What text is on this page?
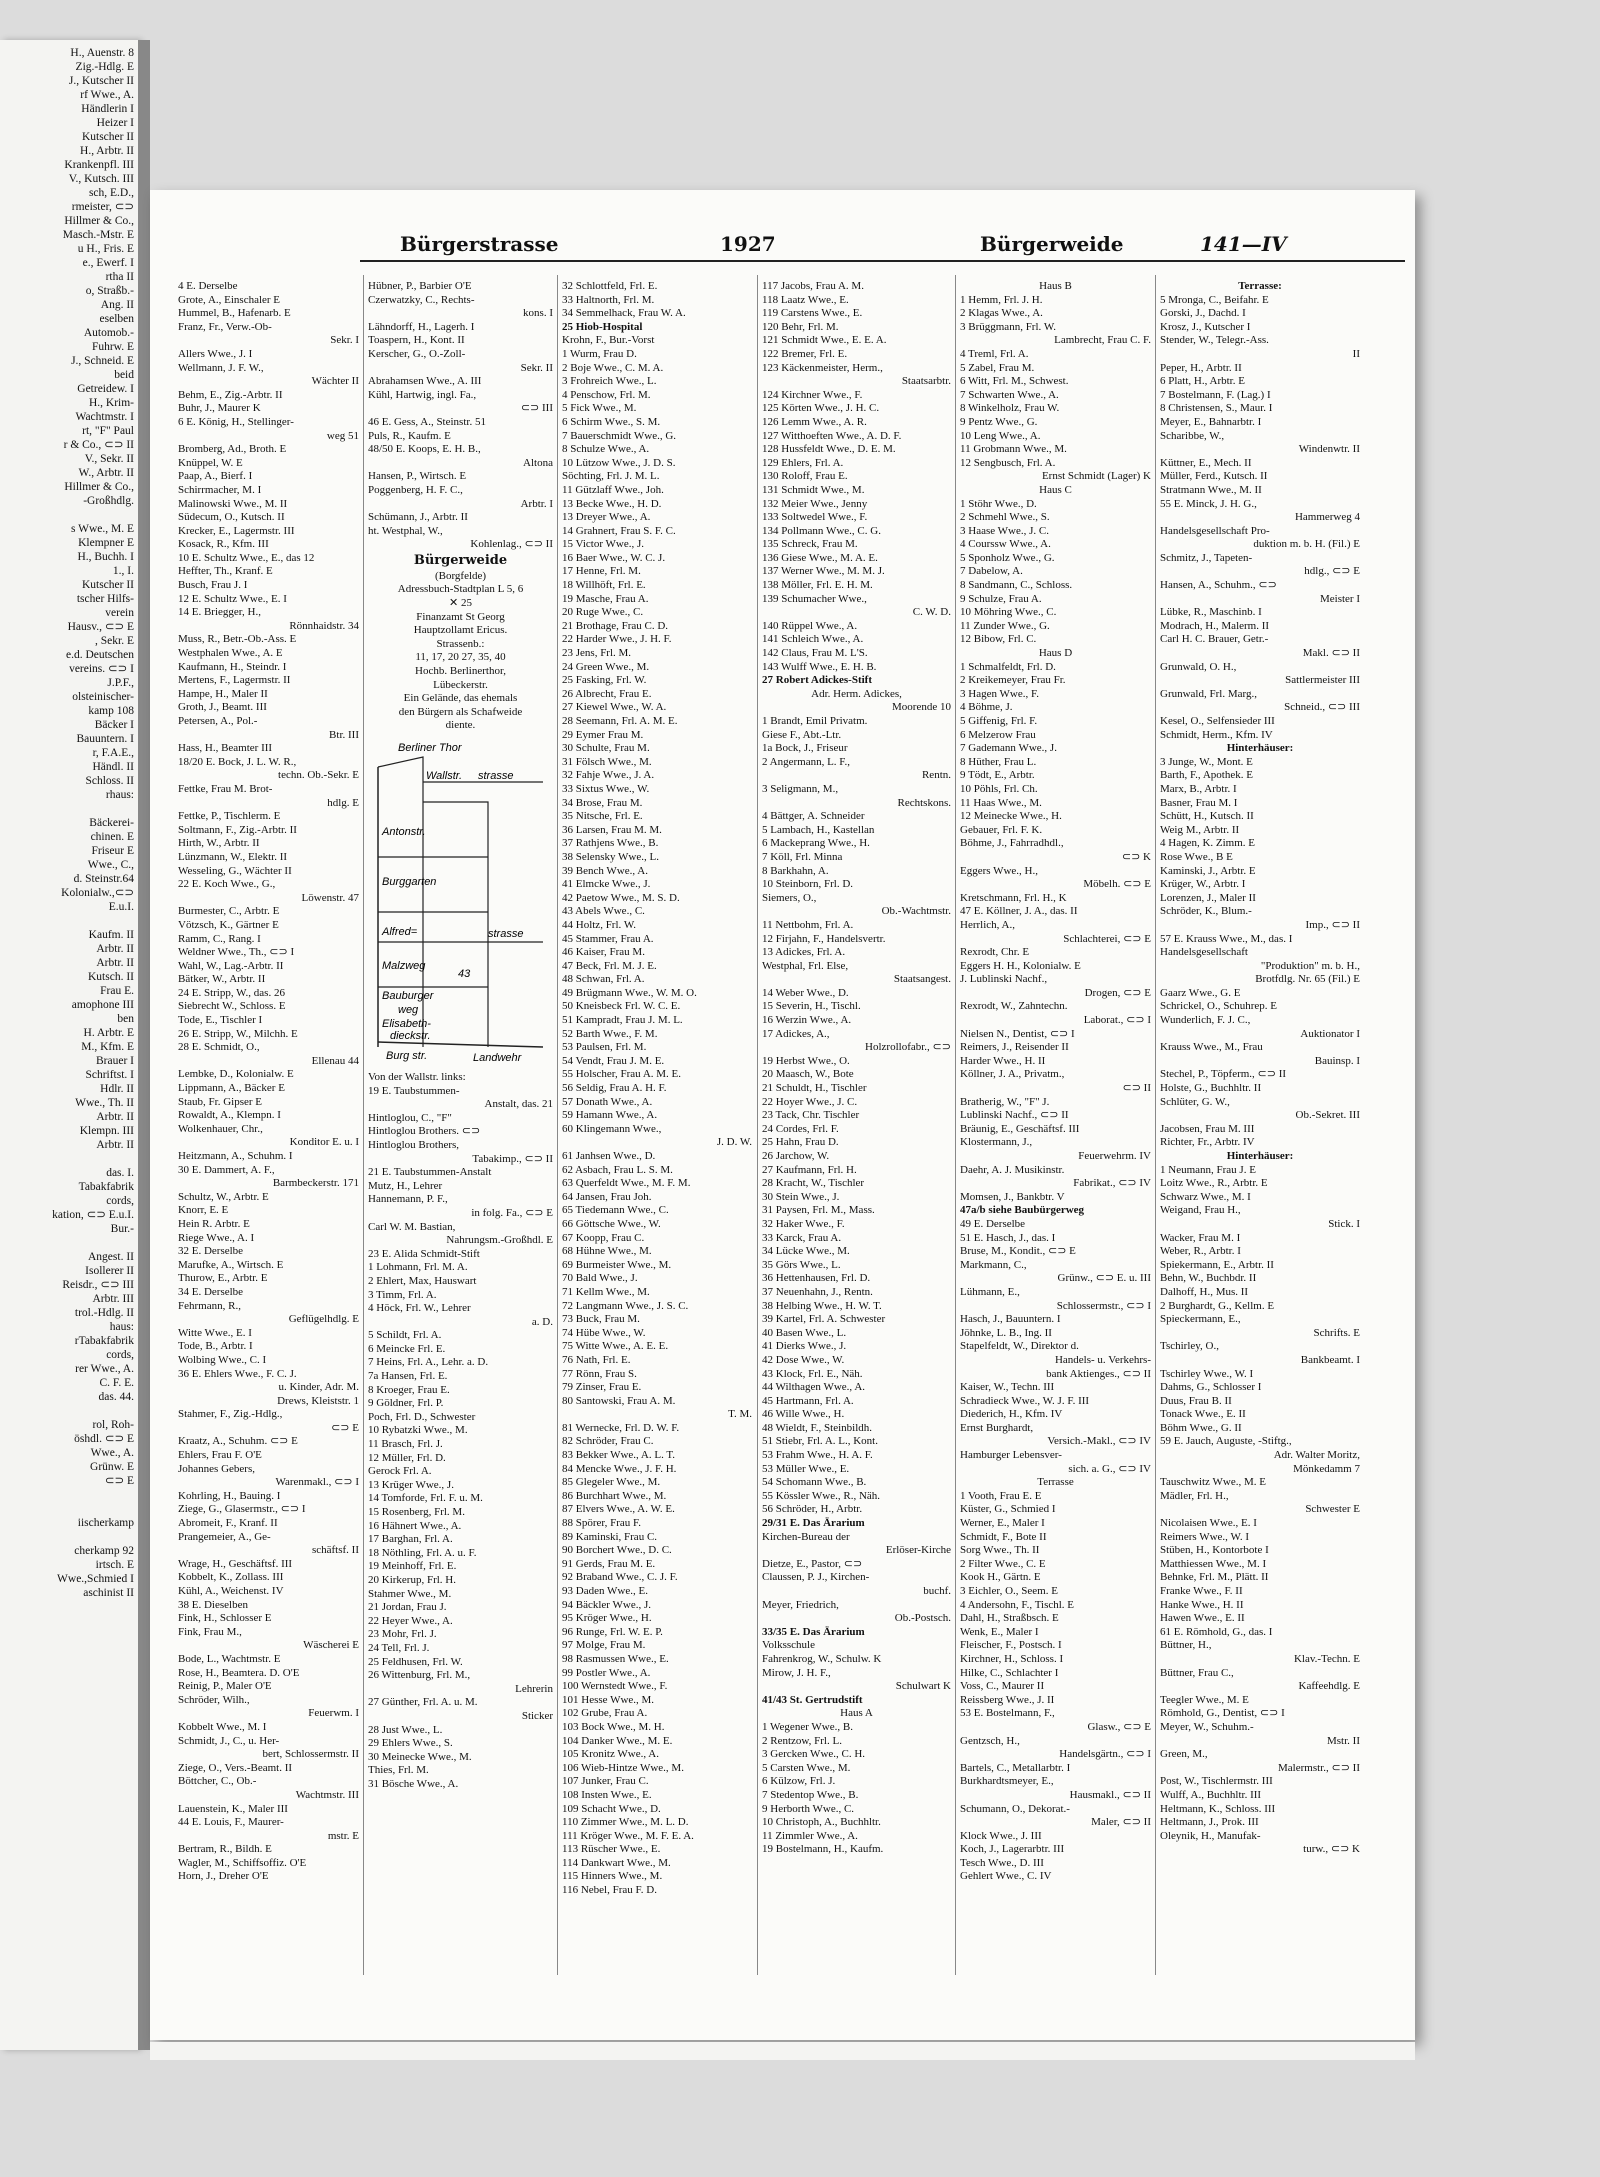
H., Auenstr. 8
Zig.-Hdlg. E
J., Kutscher II
rf Wwe., A.
Händlerin I
Heizer I
Kutscher II
H., Arbtr. II
Krankenpfl. III
V., Kutsch. III
sch, E.D.,
rmeister, ⊂⊃
Hillmer & Co.,
Masch.-Mstr. E
u H., Fris. E
e., Ewerf. I
rtha II
o, Straßb.-
Ang. II
eselben
Automob.-
Fuhrw. E
J., Schneid. E
beid
Getreidew. I
H., Krim-
Wachtmstr. I
rt, "F" Paul
r & Co., ⊂⊃ II
V., Sekr. II
W., Arbtr. II
Hillmer & Co.,
-Großhdlg.
s Wwe., M. E
Klempner E
H., Buchh. I
1., I.
Kutscher II
tscher Hilfs-
verein
Hausv., ⊂⊃ E
, Sekr. E
e.d. Deutschen
vereins. ⊂⊃ I
J.P.F.,
olsteinischer-
kamp 108
Bäcker I
Bauuntern. I
r, F.A.E.,
Händl. II
Schloss. II
rhaus:
Bäckerei-
chinen. E
Friseur E
Wwe., C.,
d. Steinstr.64
Kolonialw.,⊂⊃
E.u.I.
Kaufm. II
Arbtr. II
Arbtr. II
Kutsch. II
Frau E.
amophone III
ben
H. Arbtr. E
M., Kfm. E
Brauer I
Schriftst. I
Hdlr. II
Wwe., Th. II
Arbtr. II
Klempn. III
Arbtr. II
das. I.
Tabakfabrik
cords,
kation, ⊂⊃ E.u.I.
Bur.-
Angest. II
Isollerer II
Reisdr., ⊂⊃ III
Arbtr. III
trol.-Hdlg. II
haus:
rTabakfabrik
cords,
rer Wwe., A.
C. F. E.
das. 44.
rol, Roh-
öshdl. ⊂⊃ E
Wwe., A.
Grünw. E
⊂⊃ E
iischerkamp
cherkamp 92
irtsch. E
Wwe.,Schmied I
aschinist II
Bürgerstrasse	1927	Bürgerweide	141—IV
4 E. Derselbe
Grote, A., Einschaler E
Hummel, B., Hafenarb. E
Franz, Fr., Verw.-Ob-
Sekr. I
Allers Wwe., J. I
Wellmann, J. F. W.,
Wächter II
Behm, E., Zig.-Arbtr. II
Buhr, J., Maurer K
6 E. König, H., Stellinger-
weg 51
Bromberg, Ad., Broth. E
Knüppel, W. E
Paap, A., Bierf. I
Schirrmacher, M. I
Malinowski Wwe., M. II
Südecum, O., Kutsch. II
Krecker, E., Lagermstr. III
Kosack, R., Kfm. III
10 E. Schultz Wwe., E., das 12
Heffter, Th., Kranf. E
Busch, Frau J. I
12 E. Schultz Wwe., E. I
14 E. Briegger, H.,
Rönnhaidstr. 34
Muss, R., Betr.-Ob.-Ass. E
Westphalen Wwe., A. E
Kaufmann, H., Steindr. I
Mertens, F., Lagermstr. II
Hampe, H., Maler II
Groth, J., Beamt. III
Petersen, A., Pol.-
Btr. III
Hass, H., Beamter III
18/20 E. Bock, J. L. W. R.,
techn. Ob.-Sekr. E
Fettke, Frau M. Brot-
hdlg. E
Fettke, P., Tischlerm. E
Soltmann, F., Zig.-Arbtr. II
Hirth, W., Arbtr. II
Lünzmann, W., Elektr. II
Wesseling, G., Wächter II
22 E. Koch Wwe., G.,
Löwenstr. 47
Burmester, C., Arbtr. E
Vötzsch, K., Gärtner E
Ramm, C., Rang. I
Weldner Wwe., Th., ⊂⊃ I
Wahl, W., Lag.-Arbtr. II
Bätker, W., Arbtr. II
24 E. Stripp, W., das. 26
Siebrecht W., Schloss. E
Tode, E., Tischler I
26 E. Stripp, W., Milchh. E
28 E. Schmidt, O.,
Ellenau 44
Lembke, D., Kolonialw. E
Lippmann, A., Bäcker E
Staub, Fr. Gipser E
Rowaldt, A., Klempn. I
Wolkenhauer, Chr.,
Konditor E. u. I
Heitzmann, A., Schuhm. I
30 E. Dammert, A. F.,
Barmbeckerstr. 171
Schultz, W., Arbtr. E
Knorr, E. E
Hein R. Arbtr. E
Riege Wwe., A. I
32 E. Derselbe
Marufke, A., Wirtsch. E
Thurow, E., Arbtr. E
34 E. Derselbe
Fehrmann, R.,
Geflügelhdlg. E
Witte Wwe., E. I
Tode, B., Arbtr. I
Wolbing Wwe., C. I
36 E. Ehlers Wwe., F. C. J.
u. Kinder, Adr. M.
Drews, Kleiststr. 1
Stahmer, F., Zig.-Hdlg.,
⊂⊃ E
Kraatz, A., Schuhm. ⊂⊃ E
Ehlers, Frau F. O'E
Johannes Gebers,
Warenmakl., ⊂⊃ I
Kohrling, H., Bauing. I
Ziege, G., Glasermstr., ⊂⊃ I
Abromeit, F., Kranf. II
Prangemeier, A., Ge-
schäftsf. II
Wrage, H., Geschäftsf. III
Kobbelt, K., Zollass. III
Kühl, A., Weichenst. IV
38 E. Dieselben
Fink, H., Schlosser E
Fink, Frau M.,
Wäscherei E
Bode, L., Wachtmstr. E
Rose, H., Beamtera. D. O'E
Reinig, P., Maler O'E
Schröder, Wilh.,
Feuerwm. I
Kobbelt Wwe., M. I
Schmidt, J., C., u. Her-
bert, Schlossermstr. II
Ziege, O., Vers.-Beamt. II
Böttcher, C., Ob.-
Wachtmstr. III
Lauenstein, K., Maler III
44 E. Louis, F., Maurer-
mstr. E
Bertram, R., Bildh. E
Wagler, M., Schiffsoffiz. O'E
Horn, J., Dreher O'E
Hübner, P., Barbier O'E
Czerwatzky, C., Rechts-
kons. I
Lähndorff, H., Lagerh. I
Toaspern, H., Kont. II
Kerscher, G., O.-Zoll-
Sekr. II
Abrahamsen Wwe., A. III
Kühl, Hartwig, ingl. Fa.,
⊂⊃ III
46 E. Gess, A., Steinstr. 51
Puls, R., Kaufm. E
48/50 E. Koops, E. H. B.,
Altona
Hansen, P., Wirtsch. E
Poggenberg, H. F. C.,
Arbtr. I
Schümann, J., Arbtr. II
ht. Westphal, W.,
Kohlenlag., ⊂⊃ II
Bürgerweide
(Borgfelde)
Adressbuch-Stadtplan L 5, 6
✕ 25
Finanzamt St Georg
Hauptzollamt Ericus.
Strassenb.:
11, 17, 20 27, 35, 40
Hochb. Berlinerthor,
Lübeckerstr.
Ein Gelände, das ehemals
den Bürgern als Schafweide
diente.
strasse
Antonstr.
Burggarten
Alfred=	strasse
Malzweg
Bauburger
weg
Elisabeth-
dieckstr.
Burg str.	Landwehr
Wallstr.
Berliner Thor
43
Von der Wallstr. links:
19 E. Taubstummen-
Anstalt, das. 21
Hintloglou, C., "F"
Hintloglou Brothers. ⊂⊃
Hintloglou Brothers,
Tabakimp., ⊂⊃ II
21 E. Taubstummen-Anstalt
Mutz, H., Lehrer
Hannemann, P. F.,
in folg. Fa., ⊂⊃ E
Carl W. M. Bastian,
Nahrungsm.-Großhdl. E
23 E. Alida Schmidt-Stift
1 Lohmann, Frl. M. A.
2 Ehlert, Max, Hauswart
3 Timm, Frl. A.
4 Höck, Frl. W., Lehrer
a. D.
5 Schildt, Frl. A.
6 Meincke Frl. E.
7 Heins, Frl. A., Lehr. a. D.
7a Hansen, Frl. E.
8 Kroeger, Frau E.
9 Göldner, Frl. P.
Poch, Frl. D., Schwester
10 Rybatzki Wwe., M.
11 Brasch, Frl. J.
12 Müller, Frl. D.
Gerock Frl. A.
13 Krüger Wwe., J.
14 Tomforde, Frl. F. u. M.
15 Rosenberg, Frl. M.
16 Hähnert Wwe., A.
17 Barghan, Frl. A.
18 Nöthling, Frl. A. u. F.
19 Meinhoff, Frl. E.
20 Kirkerup, Frl. H.
Stahmer Wwe., M.
21 Jordan, Frau J.
22 Heyer Wwe., A.
23 Mohr, Frl. J.
24 Tell, Frl. J.
25 Feldhusen, Frl. W.
26 Wittenburg, Frl. M.,
Lehrerin
27 Günther, Frl. A. u. M.
Sticker
28 Just Wwe., L.
29 Ehlers Wwe., S.
30 Meinecke Wwe., M.
Thies, Frl. M.
31 Bösche Wwe., A.
32 Schlottfeld, Frl. E.
33 Haltnorth, Frl. M.
34 Semmelhack, Frau W. A.
25 Hiob-Hospital
Krohn, F., Bur.-Vorst
1 Wurm, Frau D.
2 Boje Wwe., C. M. A.
3 Frohreich Wwe., L.
4 Penschow, Frl. M.
5 Fick Wwe., M.
6 Schirm Wwe., S. M.
7 Bauerschmidt Wwe., G.
8 Schulze Wwe., A.
10 Lützow Wwe., J. D. S.
Söchting, Frl. J. M. L.
11 Gützlaff Wwe., Joh.
13 Becke Wwe., H. D.
13 Dreyer Wwe., A.
14 Grahnert, Frau S. F. C.
15 Victor Wwe., J.
16 Baer Wwe., W. C. J.
17 Henne, Frl. M.
18 Willhöft, Frl. E.
19 Masche, Frau A.
20 Ruge Wwe., C.
21 Brothage, Frau C. D.
22 Harder Wwe., J. H. F.
23 Jens, Frl. M.
24 Green Wwe., M.
25 Fasking, Frl. W.
26 Albrecht, Frau E.
27 Kiewel Wwe., W. A.
28 Seemann, Frl. A. M. E.
29 Eymer Frau M.
30 Schulte, Frau M.
31 Fölsch Wwe., M.
32 Fahje Wwe., J. A.
33 Sixtus Wwe., W.
34 Brose, Frau M.
35 Nitsche, Frl. E.
36 Larsen, Frau M. M.
37 Rathjens Wwe., B.
38 Selensky Wwe., L.
39 Bench Wwe., A.
41 Elmcke Wwe., J.
42 Paetow Wwe., M. S. D.
43 Abels Wwe., C.
44 Holtz, Frl. W.
45 Stammer, Frau A.
46 Kaiser, Frau M.
47 Beck, Frl. M. J. E.
48 Schwan, Frl. A.
49 Brügmann Wwe., W. M. O.
50 Kneisbeck Frl. W. C. E.
51 Kampradt, Frau J. M. L.
52 Barth Wwe., F. M.
53 Paulsen, Frl. M.
54 Vendt, Frau J. M. E.
55 Holscher, Frau A. M. E.
56 Seldig, Frau A. H. F.
57 Donath Wwe., A.
59 Hamann Wwe., A.
60 Klingemann Wwe.,
J. D. W.
61 Janhsen Wwe., D.
62 Asbach, Frau L. S. M.
63 Querfeldt Wwe., M. F. M.
64 Jansen, Frau Joh.
65 Tiedemann Wwe., C.
66 Göttsche Wwe., W.
67 Koopp, Frau C.
68 Hühne Wwe., M.
69 Burmeister Wwe., M.
70 Bald Wwe., J.
71 Kellm Wwe., M.
72 Langmann Wwe., J. S. C.
73 Buck, Frau M.
74 Hübe Wwe., W.
75 Witte Wwe., A. E. E.
76 Nath, Frl. E.
77 Rönn, Frau S.
79 Zinser, Frau E.
80 Santowski, Frau A. M.
T. M.
81 Wernecke, Frl. D. W. F.
82 Schröder, Frau C.
83 Bekker Wwe., A. L. T.
84 Mencke Wwe., J. F. H.
85 Glegeler Wwe., M.
86 Burchhart Wwe., M.
87 Elvers Wwe., A. W. E.
88 Spörer, Frau F.
89 Kaminski, Frau C.
90 Borchert Wwe., D. C.
91 Gerds, Frau M. E.
92 Braband Wwe., C. J. F.
93 Daden Wwe., E.
94 Bäckler Wwe., J.
95 Kröger Wwe., H.
96 Runge, Frl. W. E. P.
97 Molge, Frau M.
98 Rasmussen Wwe., E.
99 Postler Wwe., A.
100 Wernstedt Wwe., F.
101 Hesse Wwe., M.
102 Grube, Frau A.
103 Bock Wwe., M. H.
104 Danker Wwe., M. E.
105 Kronitz Wwe., A.
106 Wieb-Hintze Wwe., M.
107 Junker, Frau C.
108 Insten Wwe., E.
109 Schacht Wwe., D.
110 Zimmer Wwe., M. L. D.
111 Kröger Wwe., M. F. E. A.
113 Rüscher Wwe., E.
114 Dankwart Wwe., M.
115 Hinners Wwe., M.
116 Nebel, Frau F. D.
117 Jacobs, Frau A. M.
118 Laatz Wwe., E.
119 Carstens Wwe., E.
120 Behr, Frl. M.
121 Schmidt Wwe., E. E. A.
122 Bremer, Frl. E.
123 Käckenmeister, Herm.,
Staatsarbtr.
124 Kirchner Wwe., F.
125 Körten Wwe., J. H. C.
126 Lemm Wwe., A. R.
127 Witthoeften Wwe., A. D. F.
128 Hussfeldt Wwe., D. E. M.
129 Ehlers, Frl. A.
130 Roloff, Frau E.
131 Schmidt Wwe., M.
132 Meier Wwe., Jenny
133 Soltwedel Wwe., F.
134 Pollmann Wwe., C. G.
135 Schreck, Frau M.
136 Giese Wwe., M. A. E.
137 Werner Wwe., M. M. J.
138 Möller, Frl. E. H. M.
139 Schumacher Wwe.,
C. W. D.
140 Rüppel Wwe., A.
141 Schleich Wwe., A.
142 Claus, Frau M. L'S.
143 Wulff Wwe., E. H. B.
27 Robert Adickes-Stift
Adr. Herm. Adickes,
Moorende 10
1 Brandt, Emil Privatm.
Giese F., Abt.-Ltr.
1a Bock, J., Friseur
2 Angermann, L. F.,
Rentn.
3 Seligmann, M.,
Rechtskons.
4 Bättger, A. Schneider
5 Lambach, H., Kastellan
6 Mackeprang Wwe., H.
7 Köll, Frl. Minna
8 Barkhahn, A.
10 Steinborn, Frl. D.
Siemers, O.,
Ob.-Wachtmstr.
11 Nettbohm, Frl. A.
12 Firjahn, F., Handelsvertr.
13 Adickes, Frl. A.
Westphal, Frl. Else,
Staatsangest.
14 Weber Wwe., D.
15 Severin, H., Tischl.
16 Werzin Wwe., A.
17 Adickes, A.,
Holzrollofabr., ⊂⊃
19 Herbst Wwe., O.
20 Maasch, W., Bote
21 Schuldt, H., Tischler
22 Hoyer Wwe., J. C.
23 Tack, Chr. Tischler
24 Cordes, Frl. F.
25 Hahn, Frau D.
26 Jarchow, W.
27 Kaufmann, Frl. H.
28 Kracht, W., Tischler
30 Stein Wwe., J.
31 Paysen, Frl. M., Mass.
32 Haker Wwe., F.
33 Karck, Frau A.
34 Lücke Wwe., M.
35 Görs Wwe., L.
36 Hettenhausen, Frl. D.
37 Neuenhahn, J., Rentn.
38 Helbing Wwe., H. W. T.
39 Kartel, Frl. A. Schwester
40 Basen Wwe., L.
41 Dierks Wwe., J.
42 Dose Wwe., W.
43 Klock, Frl. E., Näh.
44 Wilthagen Wwe., A.
45 Hartmann, Frl. A.
46 Wille Wwe., H.
48 Wieldt, F., Steinbildh.
51 Stiebr, Frl. A. L., Kont.
53 Frahm Wwe., H. A. F.
53 Müller Wwe., E.
54 Schomann Wwe., B.
55 Kössler Wwe., R., Näh.
56 Schröder, H., Arbtr.
29/31 E. Das Ärarium
Kirchen-Bureau der
Erlöser-Kirche
Dietze, E., Pastor, ⊂⊃
Claussen, P. J., Kirchen-
buchf.
Meyer, Friedrich,
Ob.-Postsch.
33/35 E. Das Ärarium
Volksschule
Fahrenkrog, W., Schulw. K
Mirow, J. H. F.,
Schulwart K
41/43 St. Gertrudstift
Haus A
1 Wegener Wwe., B.
2 Rentzow, Frl. L.
3 Gercken Wwe., C. H.
5 Carsten Wwe., M.
6 Külzow, Frl. J.
7 Stedentop Wwe., B.
9 Herborth Wwe., C.
10 Christoph, A., Buchhltr.
11 Zimmler Wwe., A.
19 Bostelmann, H., Kaufm.
Haus B
1 Hemm, Frl. J. H.
2 Klagas Wwe., A.
3 Brüggmann, Frl. W.
Lambrecht, Frau C. F.
4 Treml, Frl. A.
5 Zabel, Frau M.
6 Witt, Frl. M., Schwest.
7 Schwarten Wwe., A.
8 Winkelholz, Frau W.
9 Pentz Wwe., G.
10 Leng Wwe., A.
11 Grobmann Wwe., M.
12 Sengbusch, Frl. A.
Ernst Schmidt (Lager) K
Haus C
1 Stöhr Wwe., D.
2 Schmehl Wwe., S.
3 Haase Wwe., J. C.
4 Courssw Wwe., A.
5 Sponholz Wwe., G.
7 Dabelow, A.
8 Sandmann, C., Schloss.
9 Schulze, Frau A.
10 Möhring Wwe., C.
11 Zunder Wwe., G.
12 Bibow, Frl. C.
Haus D
1 Schmalfeldt, Frl. D.
2 Kreikemeyer, Frau Fr.
3 Hagen Wwe., F.
4 Böhme, J.
5 Giffenig, Frl. F.
6 Melzerow Frau
7 Gademann Wwe., J.
8 Hüther, Frau L.
9 Tödt, E., Arbtr.
10 Pöhls, Frl. Ch.
11 Haas Wwe., M.
12 Meinecke Wwe., H.
Gebauer, Frl. F. K.
Böhme, J., Fahrradhdl.,
⊂⊃ K
Eggers Wwe., H.,
Möbelh. ⊂⊃ E
Kretschmann, Frl. H., K
47 E. Köllner, J. A., das. II
Herrlich, A.,
Schlachterei, ⊂⊃ E
Rexrodt, Chr. E
Eggers H. H., Kolonialw. E
J. Lublinski Nachf.,
Drogen, ⊂⊃ E
Rexrodt, W., Zahntechn.
Laborat., ⊂⊃ I
Nielsen N., Dentist, ⊂⊃ I
Reimers, J., Reisender II
Harder Wwe., H. II
Köllner, J. A., Privatm.,
⊂⊃ II
Bratherig, W., "F" J.
Lublinski Nachf., ⊂⊃ II
Bräunig, E., Geschäftsf. III
Klostermann, J.,
Feuerwehrm. IV
Daehr, A. J. Musikinstr.
Fabrikat., ⊂⊃ IV
Momsen, J., Bankbtr. V
47a/b siehe Baubürgerweg
49 E. Derselbe
51 E. Hasch, J., das. I
Bruse, M., Kondit., ⊂⊃ E
Markmann, C.,
Grünw., ⊂⊃ E. u. III
Lühmann, E.,
Schlossermstr., ⊂⊃ I
Hasch, J., Bauuntern. I
Jöhnke, L. B., Ing. II
Stapelfeldt, W., Direktor d.
Handels- u. Verkehrs-
bank Aktienges., ⊂⊃ II
Kaiser, W., Techn. III
Schradieck Wwe., W. J. F. III
Diederich, H., Kfm. IV
Ernst Burghardt,
Versich.-Makl., ⊂⊃ IV
Hamburger Lebensver-
sich. a. G., ⊂⊃ IV
Terrasse
1 Vooth, Frau E. E
Küster, G., Schmied I
Werner, E., Maler I
Schmidt, F., Bote II
Sorg Wwe., Th. II
2 Filter Wwe., C. E
Kook H., Gärtn. E
3 Eichler, O., Seem. E
4 Andersohn, F., Tischl. E
Dahl, H., Straßbsch. E
Wenk, E., Maler I
Fleischer, F., Postsch. I
Kirchner, H., Schloss. I
Hilke, C., Schlachter I
Voss, C., Maurer II
Reissberg Wwe., J. II
53 E. Bostelmann, F.,
Glasw., ⊂⊃ E
Gentzsch, H.,
Handelsgärtn., ⊂⊃ I
Bartels, C., Metallarbtr. I
Burkhardtsmeyer, E.,
Hausmakl., ⊂⊃ II
Schumann, O., Dekorat.-
Maler, ⊂⊃ II
Klock Wwe., J. III
Koch, J., Lagerarbtr. III
Tesch Wwe., D. III
Gehlert Wwe., C. IV
Terrasse:
5 Mronga, C., Beifahr. E
Gorski, J., Dachd. I
Krosz, J., Kutscher I
Stender, W., Telegr.-Ass.
II
Peper, H., Arbtr. II
6 Platt, H., Arbtr. E
7 Bostelmann, F. (Lag.) I
8 Christensen, S., Maur. I
Meyer, E., Bahnarbtr. I
Scharibbe, W.,
Windenwtr. II
Küttner, E., Mech. II
Müller, Ferd., Kutsch. II
Stratmann Wwe., M. II
55 E. Minck, J. H. G.,
Hammerweg 4
Handelsgesellschaft Pro-
duktion m. b. H. (Fil.) E
Schmitz, J., Tapeten-
hdlg., ⊂⊃ E
Hansen, A., Schuhm., ⊂⊃
Meister I
Lübke, R., Maschinb. I
Modrach, H., Malerm. II
Carl H. C. Brauer, Getr.-
Makl. ⊂⊃ II
Grunwald, O. H.,
Sattlermeister III
Grunwald, Frl. Marg.,
Schneid., ⊂⊃ III
Kesel, O., Selfensieder III
Schmidt, Herm., Kfm. IV
Hinterhäuser:
3 Junge, W., Mont. E
Barth, F., Apothek. E
Marx, B., Arbtr. I
Basner, Frau M. I
Schütt, H., Kutsch. II
Weig M., Arbtr. II
4 Hagen, K. Zimm. E
Rose Wwe., B E
Kaminski, J., Arbtr. E
Krüger, W., Arbtr. I
Lorenzen, J., Maler II
Schröder, K., Blum.-
Imp., ⊂⊃ II
57 E. Krauss Wwe., M., das. I
Handelsgesellschaft
"Produktion" m. b. H.,
Brotfdlg. Nr. 65 (Fil.) E
Gaarz Wwe., G. E
Schrickel, O., Schuhrep. E
Wunderlich, F. J. C.,
Auktionator I
Krauss Wwe., M., Frau
Bauinsp. I
Stechel, P., Töpferm., ⊂⊃ II
Holste, G., Buchhltr. II
Schlüter, G. W.,
Ob.-Sekret. III
Jacobsen, Frau M. III
Richter, Fr., Arbtr. IV
Hinterhäuser:
1 Neumann, Frau J. E
Loitz Wwe., R., Arbtr. E
Schwarz Wwe., M. I
Weigand, Frau H.,
Stick. I
Wacker, Frau M. I
Weber, R., Arbtr. I
Spiekermann, E., Arbtr. II
Behn, W., Buchbdr. II
Dalhoff, H., Mus. II
2 Burghardt, G., Kellm. E
Spieckermann, E.,
Schrifts. E
Tschirley, O.,
Bankbeamt. I
Tschirley Wwe., W. I
Dahms, G., Schlosser I
Duus, Frau B. II
Tonack Wwe., E. II
Böhm Wwe., G. II
59 E. Jauch, Auguste, -Stiftg.,
Adr. Walter Moritz,
Mönkedamm 7
Tauschwitz Wwe., M. E
Mädler, Frl. H.,
Schwester E
Nicolaisen Wwe., E. I
Reimers Wwe., W. I
Stüben, H., Kontorbote I
Matthiessen Wwe., M. I
Behnke, Frl. M., Plätt. II
Franke Wwe., F. II
Hanke Wwe., H. II
Hawen Wwe., E. II
61 E. Römhold, G., das. I
Büttner, H.,
Klav.-Techn. E
Büttner, Frau C.,
Kaffeehdlg. E
Teegler Wwe., M. E
Römhold, G., Dentist, ⊂⊃ I
Meyer, W., Schuhm.-
Mstr. II
Green, M.,
Malermstr., ⊂⊃ II
Post, W., Tischlermstr. III
Wulff, A., Buchhltr. III
Heltmann, K., Schloss. III
Heltmann, J., Prok. III
Oleynik, H., Manufak-
turw., ⊂⊃ K
